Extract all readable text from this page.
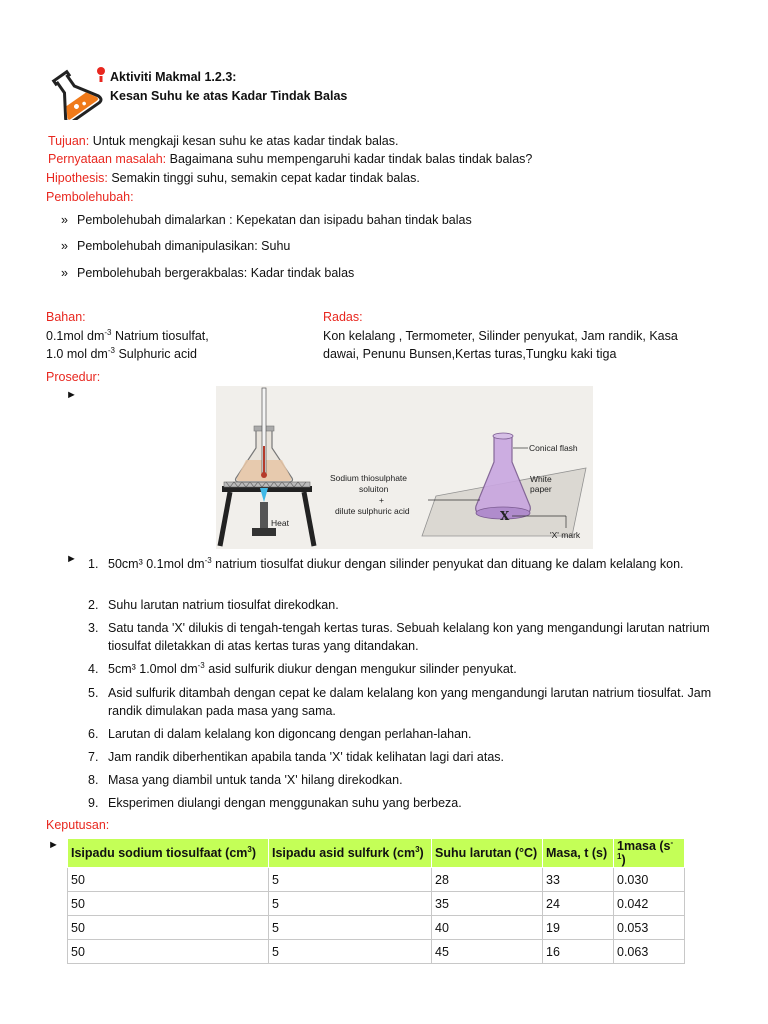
Aktiviti Makmal 1.2.3:
Kesan Suhu ke atas Kadar Tindak Balas
Tujuan: Untuk mengkaji kesan suhu ke atas kadar tindak balas.
Pernyataan masalah: Bagaimana suhu mempengaruhi kadar tindak balas tindak balas?
Hipothesis: Semakin tinggi suhu, semakin cepat kadar tindak balas.
Pembolehubah:
» Pembolehubah dimalarkan : Kepekatan dan isipadu bahan tindak balas
» Pembolehubah dimanipulasikan: Suhu
» Pembolehubah bergerakbalas: Kadar tindak balas
Bahan:
0.1mol $dm^{-3}$ Natrium tiosulfat,
1.0 mol $dm^{-3}$ Sulphuric acid
Radas:
Kon kelalang , Termometer, Silinder penyukat, Jam randik, Kasa
dawai, Penunu Bunsen,Kertas turas,Tungku kaki tiga
Prosedur:
►
Heat	X
Conical flash
White
paper
'X' mark
Sodium thiosulphate
soluiton
+
dilute sulphuric acid
► 1. 50cm³ 0.1mol $dm^{-3}$ natrium tiosulfat diukur dengan silinder penyukat dan dituang ke dalam kelalang kon.
2. Suhu larutan natrium tiosulfat direkodkan.
3. Satu tanda 'X' dilukis di tengah-tengah kertas turas. Sebuah kelalang kon yang mengandungi larutan natrium tiosulfat diletakkan di atas kertas turas yang ditandakan.
4. 5cm³ 1.0mol $dm^{-3}$ asid sulfurik diukur dengan mengukur silinder penyukat.
5. Asid sulfurik ditambah dengan cepat ke dalam kelalang kon yang mengandungi larutan natrium tiosulfat. Jam randik dimulakan pada masa yang sama.
6. Larutan di dalam kelalang kon digoncang dengan perlahan-lahan.
7. Jam randik diberhentikan apabila tanda 'X' tidak kelihatan lagi dari atas.
8. Masa yang diambil untuk tanda 'X' hilang direkodkan.
9. Eksperimen diulangi dengan menggunakan suhu yang berbeza.
Keputusan:
►
Isipadu sodium tiosulfaat $(cm^3)$	Isipadu asid sulfurk $(cm^3)$	Suhu larutan (°C)	Masa, t (s)	1masa $(s^{-1})$
50	5	28	33	0.030
50	5	35	24	0.042
50	5	40	19	0.053
50	5	45	16	0.063
